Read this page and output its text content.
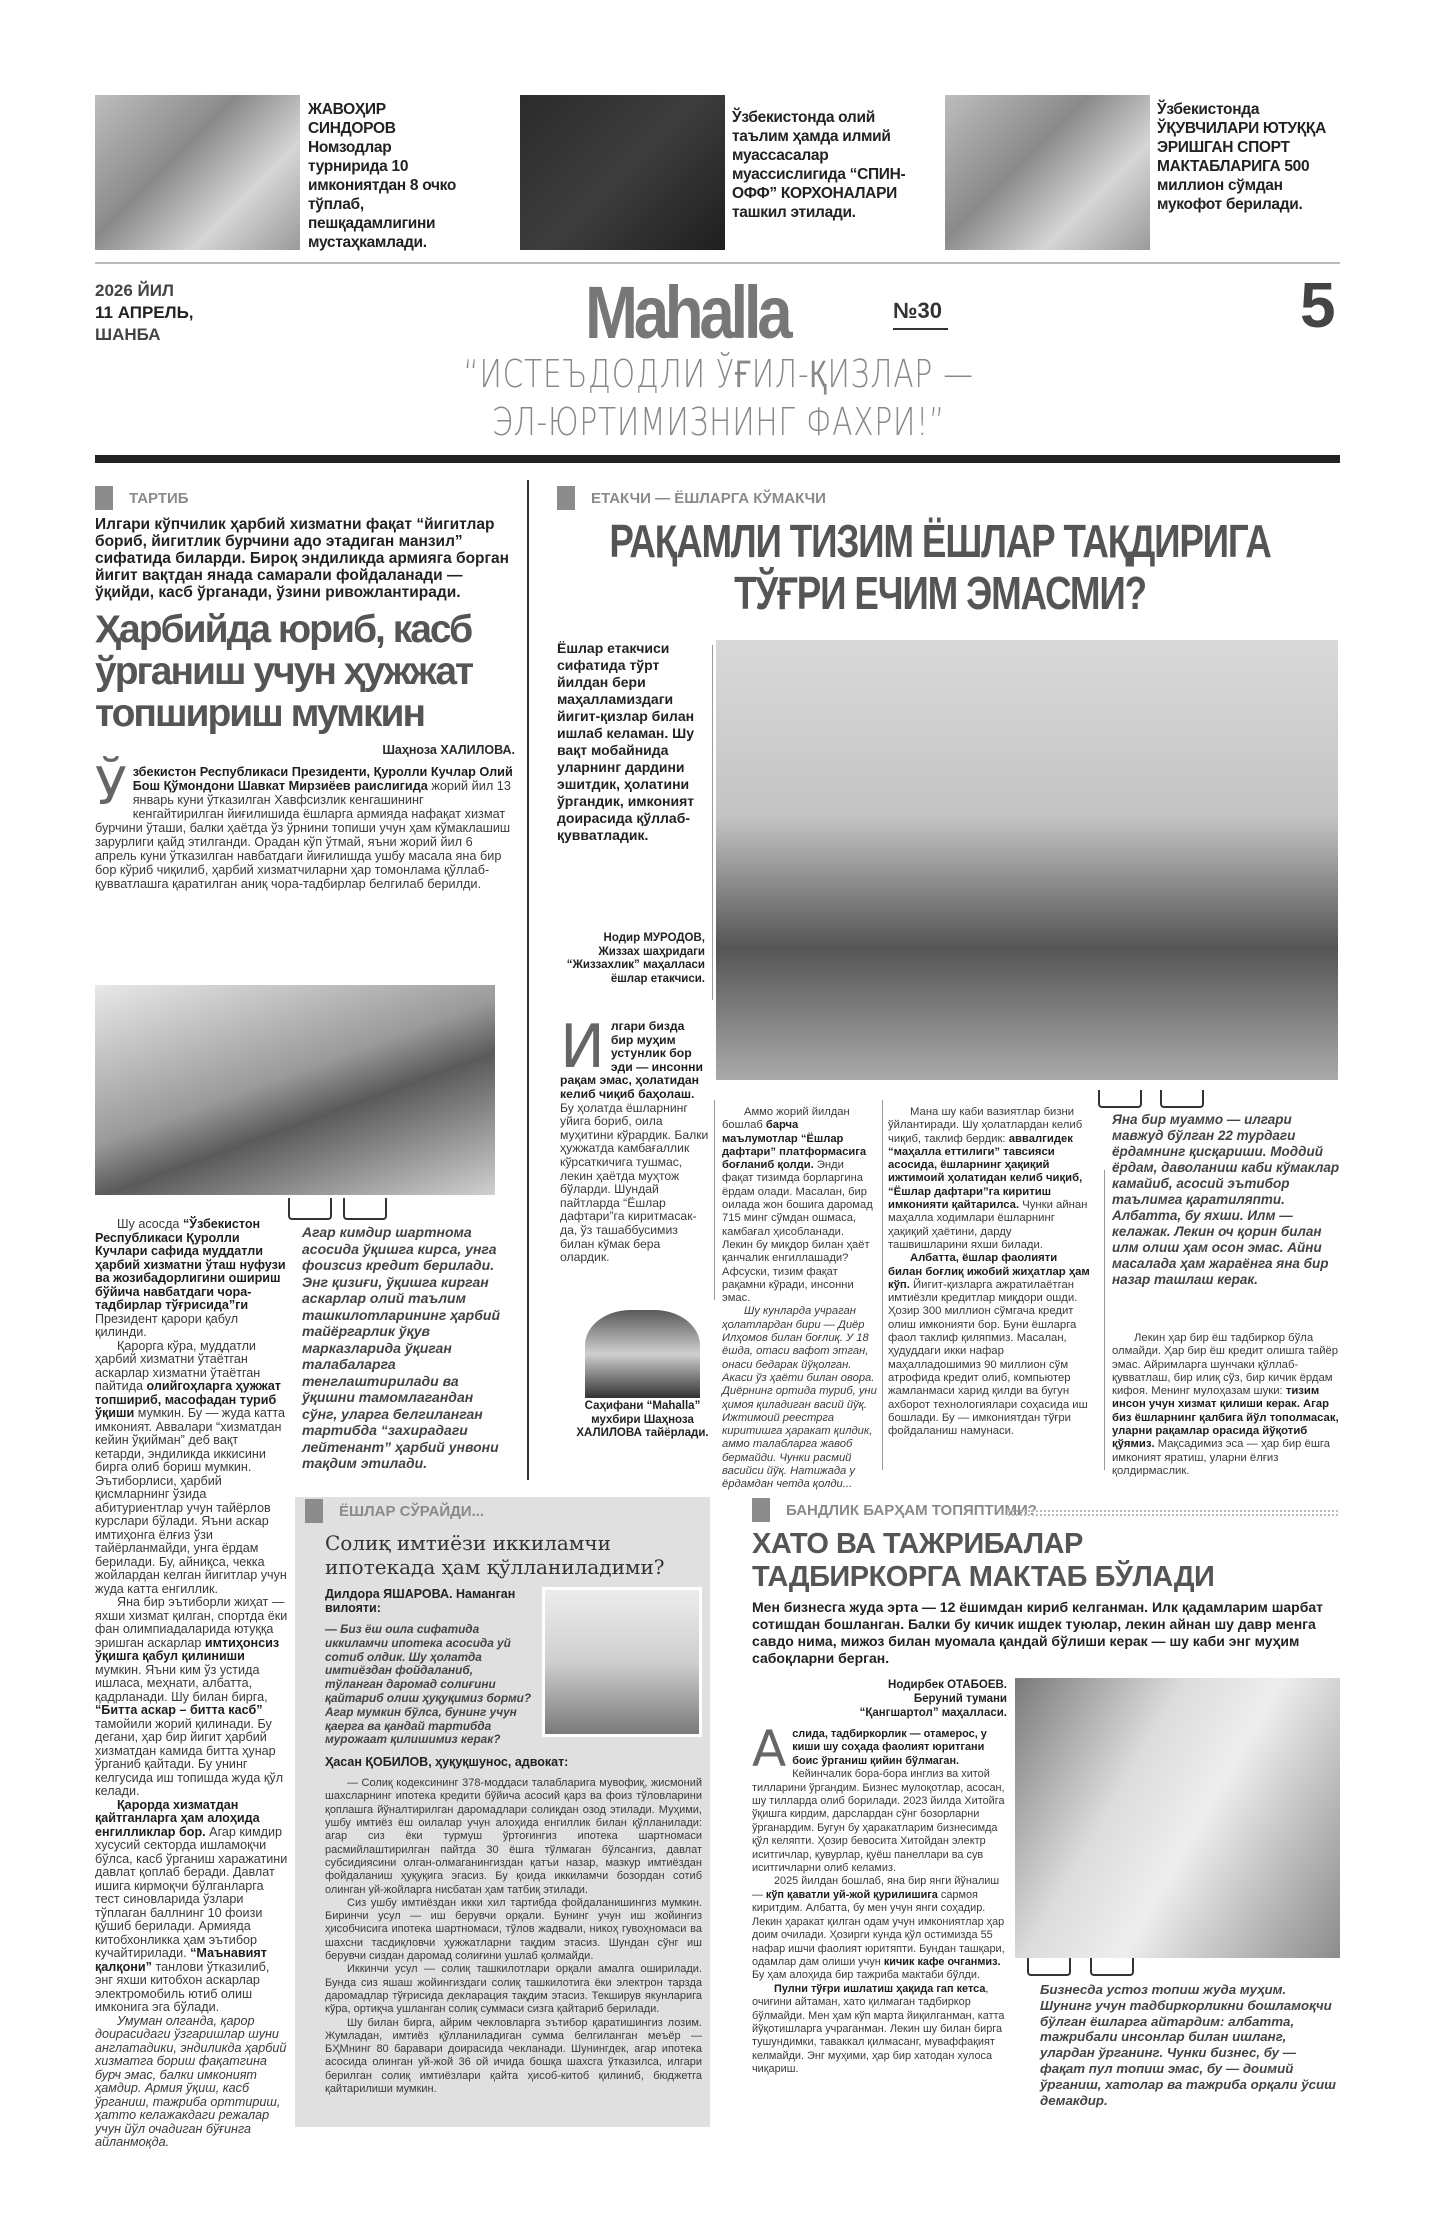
ЖАВОҲИР СИНДОРОВ Номзодлар турнирида 10 имкониятдан 8 очко тўплаб, пешқадамлигини мустаҳкамлади.
Ўзбекистонда олий таълим ҳамда илмий муассасалар муассислигида “СПИН-ОФФ” КОРХОНАЛАРИ ташкил этилади.
Ўзбекистонда ЎҚУВЧИЛАРИ ЮТУҚҚА ЭРИШГАН СПОРТ МАКТАБЛАРИГА 500 миллион сўмдан мукофот берилади.
2026 ЙИЛ
11 АПРЕЛЬ,
ШАНБА	Mahalla	№30	5
“ИСТЕЪДОДЛИ ЎҒИЛ-ҚИЗЛАР —
ЭЛ-ЮРТИМИЗНИНГ ФАХРИ!”
ТАРТИБ
Илгари кўпчилик ҳарбий хизматни фақат “йигитлар бориб, йигитлик бурчини адо этадиган манзил” сифатида биларди. Бироқ эндиликда армияга борган йигит вақтдан янада самарали фойдаланади — ўқийди, касб ўрганади, ўзини ривожлантиради.
Ҳарбийда юриб, касб ўрганиш учун ҳужжат топшириш мумкин
Шаҳноза ХАЛИЛОВА.
Ў збекистон Республикаси Президенти, Қуролли Кучлар Олий Бош Қўмондони Шавкат Мирзиёев раислигида жорий йил 13 январь куни ўтказилган Хавфсизлик кенгашининг кенгайтирилган йиғилишида ёшларга армияда нафақат хизмат бурчини ўташи, балки ҳаётда ўз ўрнини топиши учун ҳам кўмаклашиш зарурлиги қайд этилганди. Орадан кўп ўтмай, яъни жорий йил 6 апрель куни ўтказилган навбатдаги йиғилишда ушбу масала яна бир бор кўриб чиқилиб, ҳарбий хизматчиларни ҳар томонлама қўллаб-қувватлашга қаратилган аниқ чора-тадбирлар белгилаб берилди.

Шу асосда “Ўзбекистон Республикаси Қуролли Кучлари сафида муддатли ҳарбий хизматни ўташ нуфузи ва жозибадорлигини ошириш бўйича навбатдаги чора-тадбирлар тўғрисида”ги Президент қарори қабул қилинди.

Қарорга кўра, муддатли ҳарбий хизматни ўтаётган аскарлар хизматни ўтаётган пайтида олийгоҳларга ҳужжат топшириб, масофадан туриб ўқиши мумкин. Бу — жуда катта имконият. Аввалари “хизматдан кейин ўқийман” деб вақт кетарди, эндиликда иккисини бирга олиб бориш мумкин. Эътиборлиси, ҳарбий қисмларнинг ўзида абитуриентлар учун тайёрлов курслари бўлади. Яъни аскар имтиҳонга ёлғиз ўзи тайёрланмайди, унга ёрдам берилади. Бу, айниқса, чекка жойлардан келган йигитлар учун жуда катта енгиллик.

Яна бир эътиборли жиҳат — яхши хизмат қилган, спортда ёки фан олимпиадаларида ютуққа эришган аскарлар имтиҳонсиз ўқишга қабул қилиниши мумкин. Яъни ким ўз устида ишласа, меҳнати, албатта, қадрланади. Шу билан бирга, “Битта аскар – битта касб” тамойили жорий қилинади. Бу дегани, ҳар бир йигит ҳарбий хизматдан камида битта ҳунар ўрганиб қайтади. Бу унинг келгусида иш топишда жуда қўл келади.

Қарорда хизматдан қайтганларга ҳам алоҳида енгилликлар бор. Агар кимдир хусусий секторда ишламоқчи бўлса, касб ўрганиш харажатини давлат қоплаб беради. Давлат ишига кирмоқчи бўлганларга тест синовларида ўзлари тўплаган баллнинг 10 фоизи қўшиб берилади. Армияда китобхонликка ҳам эътибор кучайтирилади. “Маънавият қалқони” танлови ўтказилиб, энг яхши китобхон аскарлар электромобиль ютиб олиш имконига эга бўлади.

Умуман олганда, қарор доирасидаги ўзгаришлар шуни англатадики, эндиликда ҳарбий хизматга бориш фақатгина бурч эмас, балки имконият ҳамдир. Армия ўқиш, касб ўрганиш, тажриба орттириш, ҳатто келажакдаги режалар учун йўл очадиган бўғинга айланмоқда.

Агар кимдир шартнома асосида ўқишга кирса, унга фоизсиз кредит берилади. Энг қизиғи, ўқишга кирган аскарлар олий таълим ташкилотларининг ҳарбий тайёргарлик ўқув марказларида ўқиган талабаларга тенглаштирилади ва ўқишни тамомлагандан сўнг, уларга белгиланган тартибда “захирадаги лейтенант” ҳарбий унвони тақдим этилади.
ЕТАКЧИ — ЁШЛАРГА КЎМАКЧИ
РАҚАМЛИ ТИЗИМ ЁШЛАР ТАҚДИРИГА
ТЎҒРИ ЕЧИМ ЭМАСМИ?
Ёшлар етакчиси сифатида тўрт йилдан бери маҳалламиздаги йигит-қизлар билан ишлаб келаман. Шу вақт мобайнида уларнинг дардини эшитдик, ҳолатини ўргандик, имконият доирасида қўллаб-қувватладик.
Нодир МУРОДОВ, Жиззах шаҳридаги “Жиззахлик” маҳалласи ёшлар етакчиси.
И лгари бизда бир муҳим устунлик бор эди — инсонни рақам эмас, ҳолатидан келиб чиқиб баҳолаш. Бу ҳолатда ёшларнинг уйига бориб, оила муҳитини кўрардик. Балки ҳужжатда камбағаллик кўрсаткичига тушмас, лекин ҳаётда муҳтож бўларди. Шундай пайтларда “Ёшлар дафтари”га киритмасак-да, ўз ташаббусимиз билан кўмак бера олардик.

Саҳифани “Mahalla” мухбири Шаҳноза ХАЛИЛОВА тайёрлади.

Аммо жорий йилдан бошлаб барча маълумотлар “Ёшлар дафтари” платформасига боғланиб қолди. Энди фақат тизимда борларгина ёрдам олади. Масалан, бир оилада жон бошига даромад 715 минг сўмдан ошмаса, камбағал ҳисобланади. Лекин бу миқдор билан ҳаёт қанчалик енгиллашади? Афсуски, тизим фақат рақамни кўради, инсонни эмас.

Шу кунларда учраган ҳолатлардан бири — Диёр Илҳомов билан боғлиқ. У 18 ёшда, отаси вафот этган, онаси бедарак йўқолган. Акаси ўз ҳаёти билан овора. Диёрнинг ортида туриб, уни ҳимоя қиладиган васий йўқ. Ижтимоий реестрга киритишга ҳаракат қилдик, аммо талабларга жавоб бермайди. Чунки расмий васийси йўқ. Натижада у ёрдамдан четда қолди...

Мана шу каби вазиятлар бизни ўйлантиради. Шу ҳолатлардан келиб чиқиб, таклиф бердик: аввалгидек “маҳалла еттилиги” тавсияси асосида, ёшларнинг ҳақиқий ижтимоий ҳолатидан келиб чиқиб, “Ёшлар дафтари”га киритиш имконияти қайтарилса. Чунки айнан маҳалла ходимлари ёшларнинг ҳақиқий ҳаётини, дарду ташвишларини яхши билади.

Албатта, ёшлар фаолияти билан боғлиқ ижобий жиҳатлар ҳам кўп. Йигит-қизларга ажратилаётган имтиёзли кредитлар миқдори ошди. Ҳозир 300 миллион сўмгача кредит олиш имконияти бор. Буни ёшларга фаол таклиф қиляпмиз. Масалан, ҳудуддаги икки нафар маҳалладошимиз 90 миллион сўм атрофида кредит олиб, компьютер жамланмаси харид қилди ва бугун ахборот технологиялари соҳасида иш бошлади. Бу — имкониятдан тўғри фойдаланиш намунаси.

Яна бир муаммо — илгари мавжуд бўлган 22 турдаги ёрдамнинг қисқариши. Моддий ёрдам, даволаниш каби кўмаклар камайиб, асосий эътибор таълимга қаратиляпти. Албатта, бу яхши. Илм — келажак. Лекин оч қорин билан илм олиш ҳам осон эмас. Айни масалада ҳам жараёнга яна бир назар ташлаш керак.

Лекин ҳар бир ёш тадбиркор бўла олмайди. Ҳар бир ёш кредит олишга тайёр эмас. Айримларга шунчаки қўллаб-қувватлаш, бир илиқ сўз, бир кичик ёрдам кифоя. Менинг мулоҳазам шуки: тизим инсон учун хизмат қилиши керак. Агар биз ёшларнинг қалбига йўл тополмасак, уларни рақамлар орасида йўқотиб қўямиз. Мақсадимиз эса — ҳар бир ёшга имконият яратиш, уларни ёлғиз қолдирмаслик.

ЁШЛАР СЎРАЙДИ...
Солиқ имтиёзи иккиламчи ипотекада ҳам қўлланиладими?
Дилдора ЯШАРОВА. Наманган вилояти:
— Биз ёш оила сифатида иккиламчи ипотека асосида уй сотиб олдик. Шу ҳолатда имтиёздан фойдаланиб, тўланган даромад солиғини қайтариб олиш ҳуқуқимиз борми? Агар мумкин бўлса, бунинг учун қаерга ва қандай тартибда мурожаат қилишимиз керак?
Ҳасан ҚОБИЛОВ, ҳуқуқшунос, адвокат:

— Солиқ кодексининг 378-моддаси талабларига мувофиқ, жисмоний шахсларнинг ипотека кредити бўйича асосий қарз ва фоиз тўловларини қоплашга йўналтирилган даромадлари солиқдан озод этилади. Муҳими, ушбу имтиёз ёш оилалар учун алоҳида енгиллик билан қўлланилади: агар сиз ёки турмуш ўртоғингиз ипотека шартномаси расмийлаштирилган пайтда 30 ёшга тўлмаган бўлсангиз, давлат субсидиясини олган-олмаганингиздан қатъи назар, мазкур имтиёздан фойдаланиш ҳуқуқига эгасиз. Бу қоида иккиламчи бозордан сотиб олинган уй-жойларга нисбатан ҳам татбиқ этилади.

Сиз ушбу имтиёздан икки хил тартибда фойдаланишингиз мумкин. Биринчи усул — иш берувчи орқали. Бунинг учун иш жойингиз ҳисобчисига ипотека шартномаси, тўлов жадвали, никоҳ гувоҳномаси ва шахсни тасдиқловчи ҳужжатларни тақдим этасиз. Шундан сўнг иш берувчи сиздан даромад солиғини ушлаб қолмайди.

Иккинчи усул — солиқ ташкилотлари орқали амалга оширилади. Бунда сиз яшаш жойингиздаги солиқ ташкилотига ёки электрон тарзда даромадлар тўғрисида декларация тақдим этасиз. Текширув якунларига кўра, ортиқча ушланган солиқ суммаси сизга қайтариб берилади.

Шу билан бирга, айрим чекловларга эътибор қаратишингиз лозим. Жумладан, имтиёз қўлланиладиган сумма белгиланган меъёр — БҲМнинг 80 баравари доирасида чекланади. Шунингдек, агар ипотека асосида олинган уй-жой 36 ой ичида бошқа шахсга ўтказилса, илгари берилган солиқ имтиёзлари қайта ҳисоб-китоб қилиниб, бюджетга қайтарилиши мумкин.

БАНДЛИК БАРҲАМ ТОПЯПТИМИ?
ХАТО ВА ТАЖРИБАЛАР ТАДБИРКОРГА МАКТАБ БЎЛАДИ
Мен бизнесга жуда эрта — 12 ёшимдан кириб келганман. Илк қадамларим шарбат сотишдан бошланган. Балки бу кичик ишдек туюлар, лекин айнан шу давр менга савдо нима, мижоз билан муомала қандай бўлиши керак — шу каби энг муҳим сабоқларни берган.
Нодирбек ОТАБОЕВ. Беруний тумани “Қангшартол” маҳалласи.
А слида, тадбиркорлик — отамерос, у киши шу соҳада фаолият юритгани боис ўрганиш қийин бўлмаган. Кейинчалик бора-бора инглиз ва хитой тилларини ўргандим. Бизнес мулоқотлар, асосан, шу тилларда олиб борилади. 2023 йилда Хитойга ўқишга кирдим, дарслардан сўнг бозорларни ўрганардим. Бугун бу ҳаракатларим бизнесимда қўл келяпти. Ҳозир бевосита Хитойдан электр иситгичлар, қувурлар, қуёш панеллари ва сув иситгичларни олиб келамиз.

2025 йилдан бошлаб, яна бир янги йўналиш — кўп қаватли уй-жой қурилишига сармоя киритдим. Албатта, бу мен учун янги соҳадир. Лекин ҳаракат қилган одам учун имкониятлар ҳар доим очилади. Ҳозирги кунда қўл остимизда 55 нафар ишчи фаолият юритяпти. Бундан ташқари, одамлар дам олиши учун кичик кафе очганмиз. Бу ҳам алоҳида бир тажриба мактаби бўлди.

Пулни тўғри ишлатиш ҳақида гап кетса, очиғини айтаман, хато қилмаган тадбиркор бўлмайди. Мен ҳам кўп марта йиқилганман, катта йўқотишларга учраганман. Лекин шу билан бирга тушундимки, таваккал қилмасанг, муваффақият келмайди. Энг муҳими, ҳар бир хатодан хулоса чиқариш.

Бизнесда устоз топиш жуда муҳим. Шунинг учун тадбиркорликни бошламоқчи бўлган ёшларга айтардим: албатта, тажрибали инсонлар билан ишланг, улардан ўрганинг. Чунки бизнес, бу — фақат пул топиш эмас, бу — доимий ўрганиш, хатолар ва тажриба орқали ўсиш демакдир.
